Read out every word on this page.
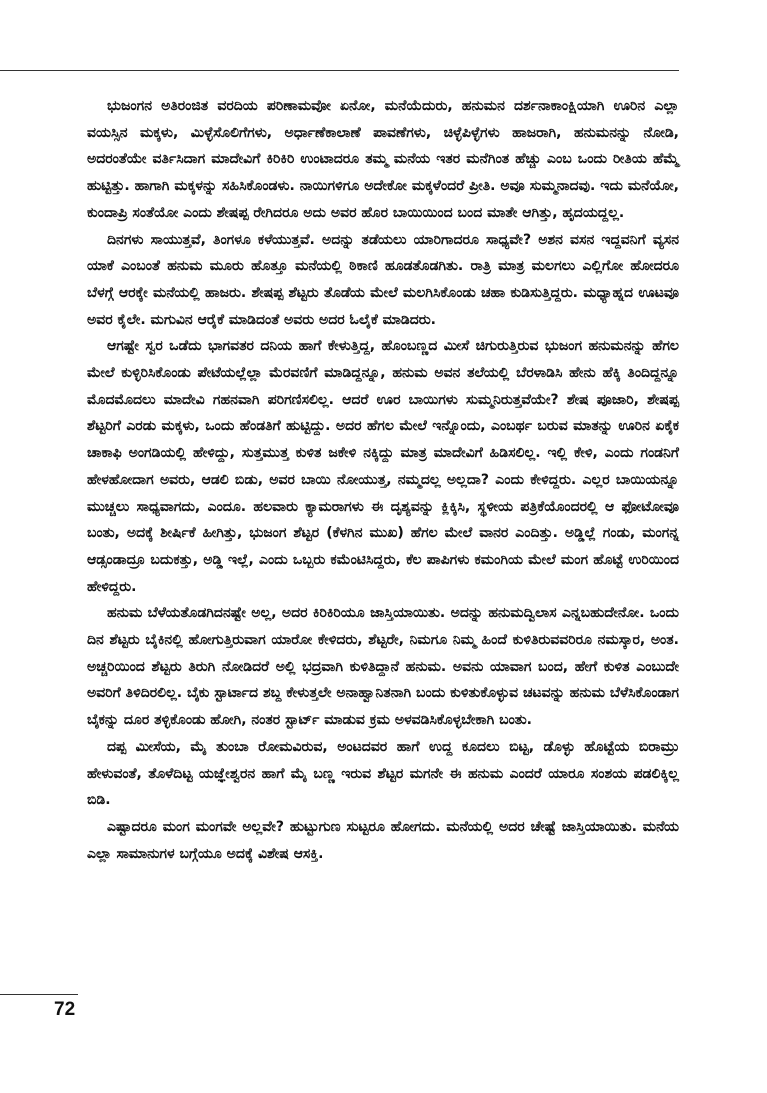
ಭುಜಂಗನ ಅತಿರಂಜಿತ ವರದಿಯ ಪರಿಣಾಮವೋ ಏನೋ, ಮನೆಯೆದುರು, ಹನುಮನ ದರ್ಶನಾಕಾಂಕ್ಷಿಯಾಗಿ ಊರಿನ ಎಲ್ಲಾ ವಯಸ್ಸಿನ ಮಕ್ಕಳು, ಮಿಳ್ಳೆಸೊಲಿಗೆಗಳು, ಅರ್ಧಾಣೆಕಾಲಾಣೆ ಪಾವಣೆಗಳು, ಚಿಳ್ಳೆಪಿಳ್ಳೆಗಳು ಹಾಜರಾಗಿ, ಹನುಮನನ್ನು ನೋಡಿ, ಅದರಂತೆಯೇ ವರ್ತಿಸಿದಾಗ ಮಾದೇವಿಗೆ ಕಿರಿಕಿರಿ ಉಂಟಾದರೂ ತಮ್ಮ ಮನೆಯ ಇತರ ಮನೆಗಿಂತ ಹೆಚ್ಚು ಎಂಬ ಒಂದು ರೀತಿಯ ಹೆಮ್ಮೆ ಹುಟ್ಟಿತ್ತು. ಹಾಗಾಗಿ ಮಕ್ಕಳನ್ನು ಸಹಿಸಿಕೊಂಡಳು. ನಾಯಿಗಳಿಗೂ ಅದೇಕೋ ಮಕ್ಕಳೆಂದರೆ ಪ್ರೀತಿ. ಅವೂ ಸುಮ್ಮನಾದವು. ಇದು ಮನೆಯೋ, ಕುಂದಾಪ್ರಿ ಸಂತೆಯೋ ಎಂದು ಶೇಷಪ್ಪ ರೇಗಿದರೂ ಅದು ಅವರ ಹೊರ ಬಾಯಿಯಿಂದ ಬಂದ ಮಾತೇ ಆಗಿತ್ತು, ಹೃದಯದ್ದಲ್ಲ.

ದಿನಗಳು ಸಾಯುತ್ತವೆ, ತಿಂಗಳೂ ಕಳೆಯುತ್ತವೆ. ಅದನ್ನು ತಡೆಯಲು ಯಾರಿಗಾದರೂ ಸಾಧ್ಯವೇ? ಅಶನ ವಸನ ಇದ್ದವನಿಗೆ ವ್ಯಸನ ಯಾಕೆ ಎಂಬಂತೆ ಹನುಮ ಮೂರು ಹೊತ್ತೂ ಮನೆಯಲ್ಲಿ ಠಿಕಾಣಿ ಹೂಡತೊಡಗಿತು. ರಾತ್ರಿ ಮಾತ್ರ ಮಲಗಲು ಎಲ್ಲಿಗೋ ಹೋದರೂ ಬೆಳಗ್ಗೆ ಆರಕ್ಕೇ ಮನೆಯಲ್ಲಿ ಹಾಜರು. ಶೇಷಪ್ಪ ಶೆಟ್ಟರು ತೊಡೆಯ ಮೇಲೆ ಮಲಗಿಸಿಕೊಂಡು ಚಹಾ ಕುಡಿಸುತ್ತಿದ್ದರು. ಮಧ್ಯಾಹ್ನದ ಊಟವೂ ಅವರ ಕೈಲೇ. ಮಗುವಿನ ಆರೈಕೆ ಮಾಡಿದಂತೆ ಅವರು ಅದರ ಓಲೈಕೆ ಮಾಡಿದರು.

ಆಗಷ್ಟೇ ಸ್ವರ ಒಡೆದು ಭಾಗವತರ ದನಿಯ ಹಾಗೆ ಕೇಳುತ್ತಿದ್ದ, ಹೊಂಬಣ್ಣದ ಮೀಸೆ ಚಿಗುರುತ್ತಿರುವ ಭುಜಂಗ ಹನುಮನನ್ನು ಹೆಗಲ ಮೇಲೆ ಕುಳ್ಳಿರಿಸಿಕೊಂಡು ಪೇಟೆಯಲ್ಲೆಲ್ಲಾ ಮೆರವಣಿಗೆ ಮಾಡಿದ್ದನ್ನೂ, ಹನುಮ ಅವನ ತಲೆಯಲ್ಲಿ ಬೆರಳಾಡಿಸಿ ಹೇನು ಹೆಕ್ಕಿ ತಿಂದಿದ್ದನ್ನೂ ಮೊದಮೊದಲು ಮಾದೇವಿ ಗಹನವಾಗಿ ಪರಿಗಣಿಸಲಿಲ್ಲ. ಆದರೆ ಊರ ಬಾಯಿಗಳು ಸುಮ್ಮನಿರುತ್ತವೆಯೇ? ಶೇಷ ಪೂಜಾರಿ, ಶೇಷಪ್ಪ ಶೆಟ್ಟರಿಗೆ ಎರಡು ಮಕ್ಕಳು, ಒಂದು ಹೆಂಡತಿಗೆ ಹುಟ್ಟಿದ್ದು. ಅದರ ಹೆಗಲ ಮೇಲೆ ಇನ್ನೊಂದು, ಎಂಬರ್ಥ ಬರುವ ಮಾತನ್ನು ಊರಿನ ಏಕೈಕ ಚಾಕಾಫಿ ಅಂಗಡಿಯಲ್ಲಿ ಹೇಳಿದ್ದು, ಸುತ್ತಮುತ್ತ ಕುಳಿತ ಜಕೇಳಿ ನಕ್ಕಿದ್ದು ಮಾತ್ರ ಮಾದೇವಿಗೆ ಹಿಡಿಸಲಿಲ್ಲ. ಇಲ್ಲಿ ಕೇಳಿ, ಎಂದು ಗಂಡನಿಗೆ ಹೇಳಹೋದಾಗ ಅವರು, ಆಡಲಿ ಬಿಡು, ಅವರ ಬಾಯಿ ನೋಯುತ್ತ, ನಮ್ಮದಲ್ಲ ಅಲ್ಲದಾ? ಎಂದು ಕೇಳಿದ್ದರು. ಎಲ್ಲರ ಬಾಯಿಯನ್ನೂ ಮುಚ್ಚಲು ಸಾಧ್ಯವಾಗದು, ಎಂದೂ. ಹಲವಾರು ಕ್ಯಾಮರಾಗಳು ಈ ದೃಶ್ಯವನ್ನು ಕ್ಲಿಕ್ಕಿಸಿ, ಸ್ಥಳೀಯ ಪತ್ರಿಕೆಯೊಂದರಲ್ಲಿ ಆ ಫೋಟೋವೂ ಬಂತು, ಅದಕ್ಕೆ ಶೀರ್ಷಿಕೆ ಹೀಗಿತ್ತು, ಭುಜಂಗ ಶೆಟ್ಟರ (ಕೆಳಗಿನ ಮುಖ) ಹೆಗಲ ಮೇಲೆ ವಾನರ ಎಂದಿತ್ತು. ಅಡ್ಡಿಲ್ಲೆ ಗಂಡು, ಮಂಗನ್ನ ಆಡ್ಸಂಡಾದ್ರೂ ಬದುಕತ್ತು, ಅಡ್ಡಿ ಇಲ್ಲೆ, ಎಂದು ಒಬ್ಬರು ಕಮೆಂಟಿಸಿದ್ದರು, ಕೆಲ ಪಾಪಿಗಳು ಕಮಂಗಿಯ ಮೇಲೆ ಮಂಗ ಹೊಟ್ಟೆ ಉರಿಯಿಂದ ಹೇಳಿದ್ದರು.

ಹನುಮ ಬೆಳೆಯತೊಡಗಿದನಷ್ಟೇ ಅಲ್ಲ, ಅದರ ಕಿರಿಕಿರಿಯೂ ಜಾಸ್ತಿಯಾಯಿತು. ಅದನ್ನು ಹನುಮದ್ವಿಲಾಸ ಎನ್ನಬಹುದೇನೋ. ಒಂದು ದಿನ ಶೆಟ್ಟರು ಬೈಕಿನಲ್ಲಿ ಹೋಗುತ್ತಿರುವಾಗ ಯಾರೋ ಕೇಳಿದರು, ಶೆಟ್ಟರೇ, ನಿಮಗೂ ನಿಮ್ಮ ಹಿಂದೆ ಕುಳಿತಿರುವವರಿರೂ ನಮಸ್ಕಾರ, ಅಂತ. ಅಚ್ಚರಿಯಿಂದ ಶೆಟ್ಟರು ತಿರುಗಿ ನೋಡಿದರೆ ಅಲ್ಲಿ ಭದ್ರವಾಗಿ ಕುಳಿತಿದ್ದಾನೆ ಹನುಮ. ಅವನು ಯಾವಾಗ ಬಂದ, ಹೇಗೆ ಕುಳಿತ ಎಂಬುದೇ ಅವರಿಗೆ ತಿಳಿದಿರಲಿಲ್ಲ. ಬೈಕು ಸ್ಟಾರ್ಟಾದ ಶಬ್ದ ಕೇಳುತ್ತಲೇ ಅನಾಹ್ವಾನಿತನಾಗಿ ಬಂದು ಕುಳಿತುಕೊಳ್ಳುವ ಚಟವನ್ನು ಹನುಮ ಬೆಳೆಸಿಕೊಂಡಾಗ ಬೈಕನ್ನು ದೂರ ತಳ್ಳಿಕೊಂಡು ಹೋಗಿ, ನಂತರ ಸ್ಟಾರ್ಟ್ ಮಾಡುವ ಕ್ರಮ ಅಳವಡಿಸಿಕೊಳ್ಳಬೇಕಾಗಿ ಬಂತು.

ದಪ್ಪ ಮೀಸೆಯ, ಮೈ ತುಂಬಾ ರೋಮವಿರುವ, ಅಂಟದವರ ಹಾಗೆ ಉದ್ದ ಕೂದಲು ಬಿಟ್ಟ, ಡೊಳ್ಳು ಹೊಟ್ಟೆಯ ಬಿರಾಮ್ರು ಹೇಳುವಂತೆ, ತೊಳೆದಿಟ್ಟ ಯಜ್ಞೇಶ್ವರನ ಹಾಗೆ ಮೈ ಬಣ್ಣ ಇರುವ ಶೆಟ್ಟರ ಮಗನೇ ಈ ಹನುಮ ಎಂದರೆ ಯಾರೂ ಸಂಶಯ ಪಡಲಿಕ್ಕಿಲ್ಲ ಬಿಡಿ.

ಎಷ್ಟಾದರೂ ಮಂಗ ಮಂಗವೇ ಅಲ್ಲವೇ? ಹುಟ್ಟುಗುಣ ಸುಟ್ಟರೂ ಹೋಗದು. ಮನೆಯಲ್ಲಿ ಅದರ ಚೇಷ್ಟೆ ಜಾಸ್ತಿಯಾಯಿತು. ಮನೆಯ ಎಲ್ಲಾ ಸಾಮಾನುಗಳ ಬಗ್ಗೆಯೂ ಅದಕ್ಕೆ ವಿಶೇಷ ಆಸಕ್ತಿ.

72
